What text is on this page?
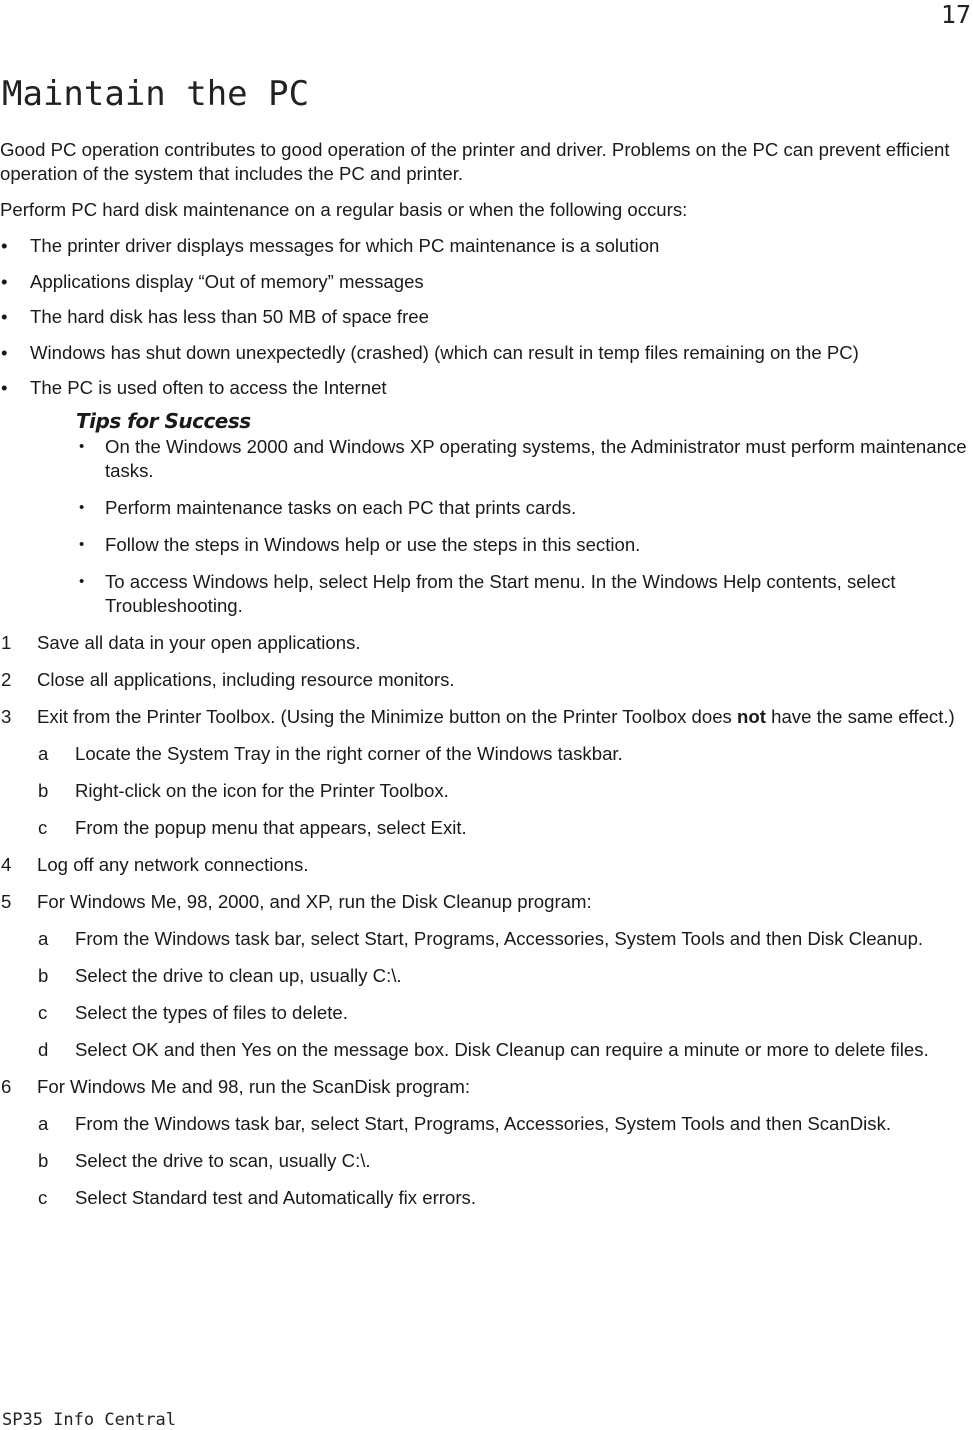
17
Maintain the PC

Good PC operation contributes to good operation of the printer and driver. Problems on the PC can prevent efficient operation of the system that includes the PC and printer.

Perform PC hard disk maintenance on a regular basis or when the following occurs:

• The printer driver displays messages for which PC maintenance is a solution
• Applications display “Out of memory” messages
• The hard disk has less than 50 MB of space free
• Windows has shut down unexpectedly (crashed) (which can result in temp files remaining on the PC)
• The PC is used often to access the Internet
Tips for Success
• On the Windows 2000 and Windows XP operating systems, the Administrator must perform maintenance tasks.
• Perform maintenance tasks on each PC that prints cards.
• Follow the steps in Windows help or use the steps in this section.
• To access Windows help, select Help from the Start menu. In the Windows Help contents, select Troubleshooting.
1 Save all data in your open applications.
2 Close all applications, including resource monitors.
3 Exit from the Printer Toolbox. (Using the Minimize button on the Printer Toolbox does not have the same effect.)
a Locate the System Tray in the right corner of the Windows taskbar.
b Right-click on the icon for the Printer Toolbox.
c From the popup menu that appears, select Exit.
4 Log off any network connections.
5 For Windows Me, 98, 2000, and XP, run the Disk Cleanup program:
a From the Windows task bar, select Start, Programs, Accessories, System Tools and then Disk Cleanup.
b Select the drive to clean up, usually C:\.
c Select the types of files to delete.
d Select OK and then Yes on the message box. Disk Cleanup can require a minute or more to delete files.
6 For Windows Me and 98, run the ScanDisk program:
a From the Windows task bar, select Start, Programs, Accessories, System Tools and then ScanDisk.
b Select the drive to scan, usually C:\.
c Select Standard test and Automatically fix errors.
SP35 Info Central
